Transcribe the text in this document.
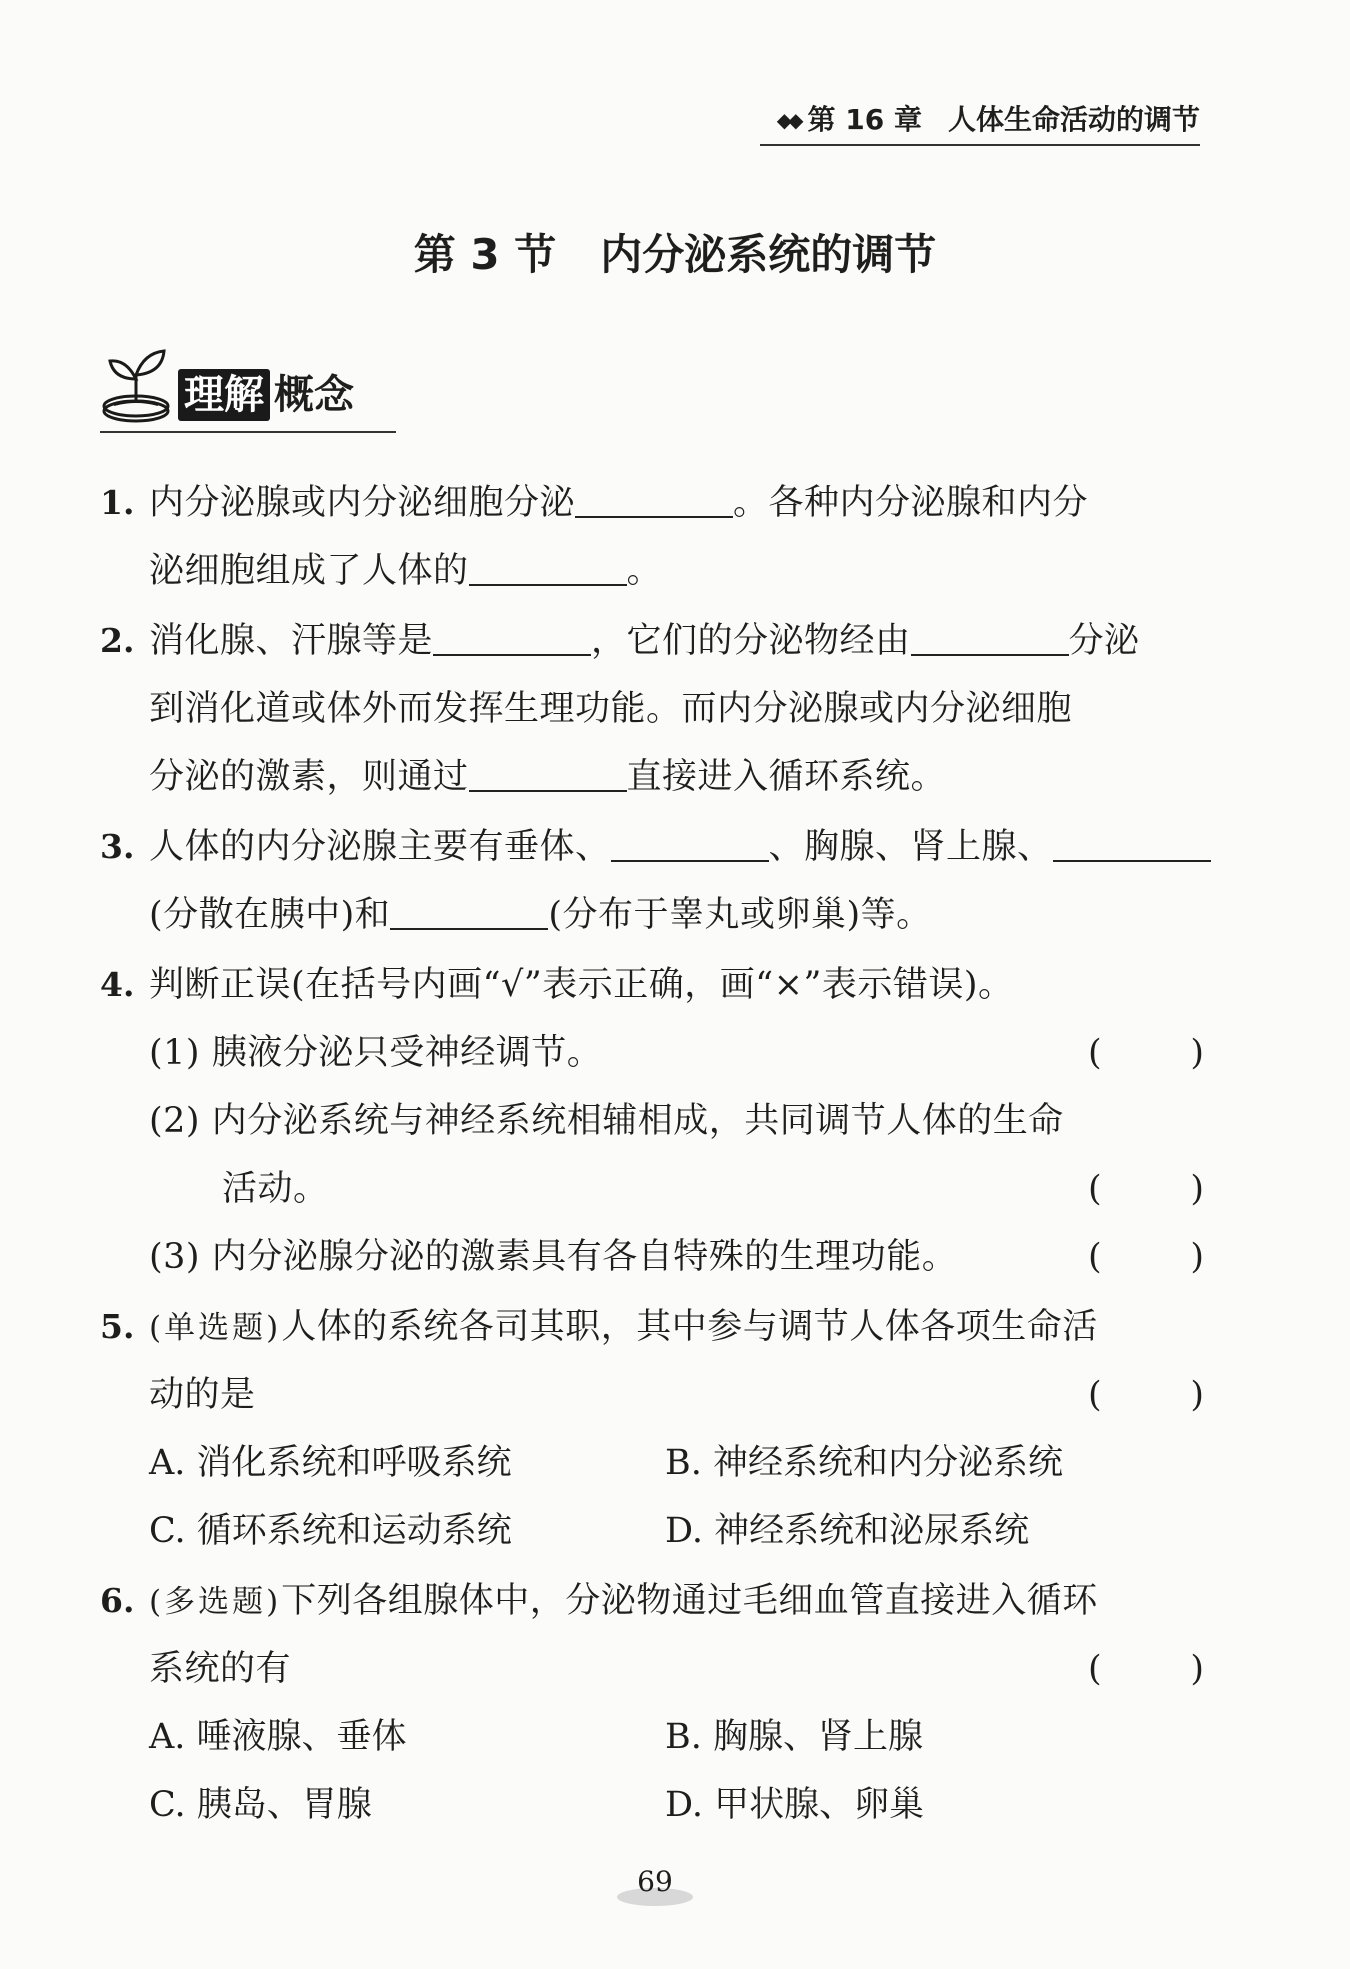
◆◆ 第 16 章 人体生命活动的调节
第 3 节 内分泌系统的调节
理解 概念
1. 内分泌腺或内分泌细胞分泌	。各种内分泌腺和内分
泌细胞组成了人体的	。
2. 消化腺、汗腺等是	，它们的分泌物经由	分泌
到消化道或体外而发挥生理功能。而内分泌腺或内分泌细胞
分泌的激素，则通过	直接进入循环系统。
3. 人体的内分泌腺主要有垂体、	、胸腺、肾上腺、
(分散在胰中)和	(分布于睾丸或卵巢)等。
4. 判断正误(在括号内画“√”表示正确，画“×”表示错误)。
(1) 胰液分泌只受神经调节。	(	)
(2) 内分泌系统与神经系统相辅相成，共同调节人体的生命
活动。	(	)
(3) 内分泌腺分泌的激素具有各自特殊的生理功能。	(	)
5. (单选题)人体的系统各司其职，其中参与调节人体各项生命活
动的是	(	)
A. 消化系统和呼吸系统	B. 神经系统和内分泌系统
C. 循环系统和运动系统	D. 神经系统和泌尿系统
6. (多选题)下列各组腺体中，分泌物通过毛细血管直接进入循环
系统的有	(	)
A. 唾液腺、垂体	B. 胸腺、肾上腺
C. 胰岛、胃腺	D. 甲状腺、卵巢
69
